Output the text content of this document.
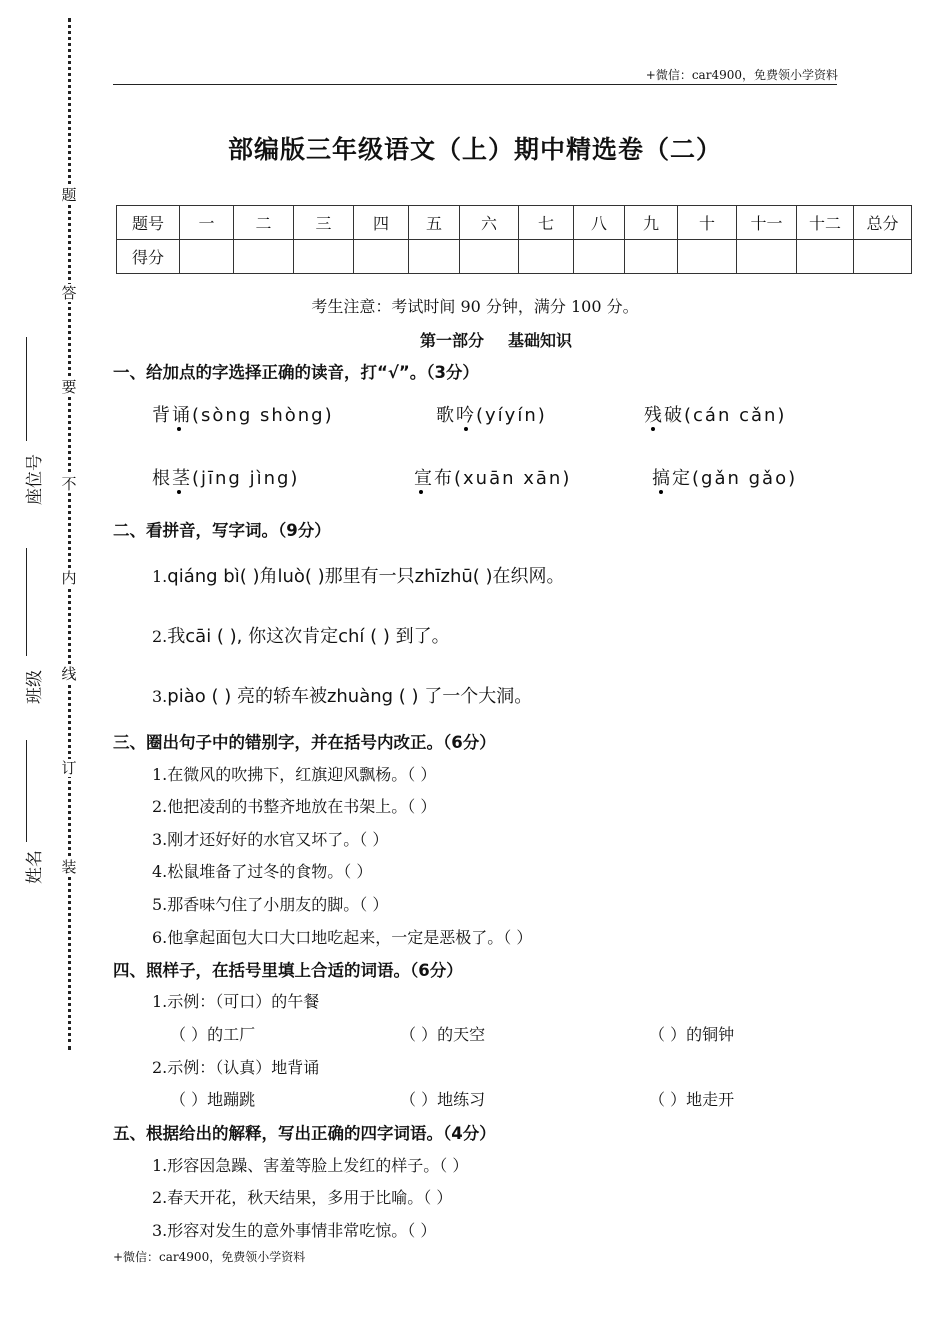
题
答
要
不
内
线
订
装
座位号
班级
姓名
+微信：car4900，免费领小学资料
部编版三年级语文（上）期中精选卷（二）
题号	一	二	三	四	五	六	七	八	九	十	十一	十二	总分
得分													
考生注意：考试时间 90 分钟，满分 100 分。
第一部分 基础知识
一、给加点的字选择正确的读音，打“√”。（3分）
背诵(sòng shòng)	歌吟(yíyín)	残破(cán cǎn)
根茎(jīng jìng)	宣布(xuān xān)	搞定(gǎn gǎo)
二、看拼音，写字词。（9分）
1.qiáng bì( )角luò( )那里有一只zhīzhū( )在织网。
2.我cāi ( ), 你这次肯定chí ( ) 到了。
3.piào ( ) 亮的轿车被zhuàng ( ) 了一个大洞。
三、圈出句子中的错别字，并在括号内改正。（6分）
1.在微风的吹拂下，红旗迎风飘杨。（ ）
2.他把凌刮的书整齐地放在书架上。（ ）
3.刚才还好好的水官又坏了。（ ）
4.松鼠堆备了过冬的食物。（ ）
5.那香味勺住了小朋友的脚。（ ）
6.他拿起面包大口大口地吃起来，一定是恶极了。（ ）
四、照样子，在括号里填上合适的词语。（6分）
1.示例：（可口）的午餐
（ ）的工厂	（ ）的天空	（ ）的铜钟
2.示例：（认真）地背诵
（ ）地蹦跳	（ ）地练习	（ ）地走开
五、根据给出的解释，写出正确的四字词语。（4分）
1.形容因急躁、害羞等脸上发红的样子。（ ）
2.春天开花，秋天结果，多用于比喻。（ ）
3.形容对发生的意外事情非常吃惊。（ ）
+微信：car4900，免费领小学资料
